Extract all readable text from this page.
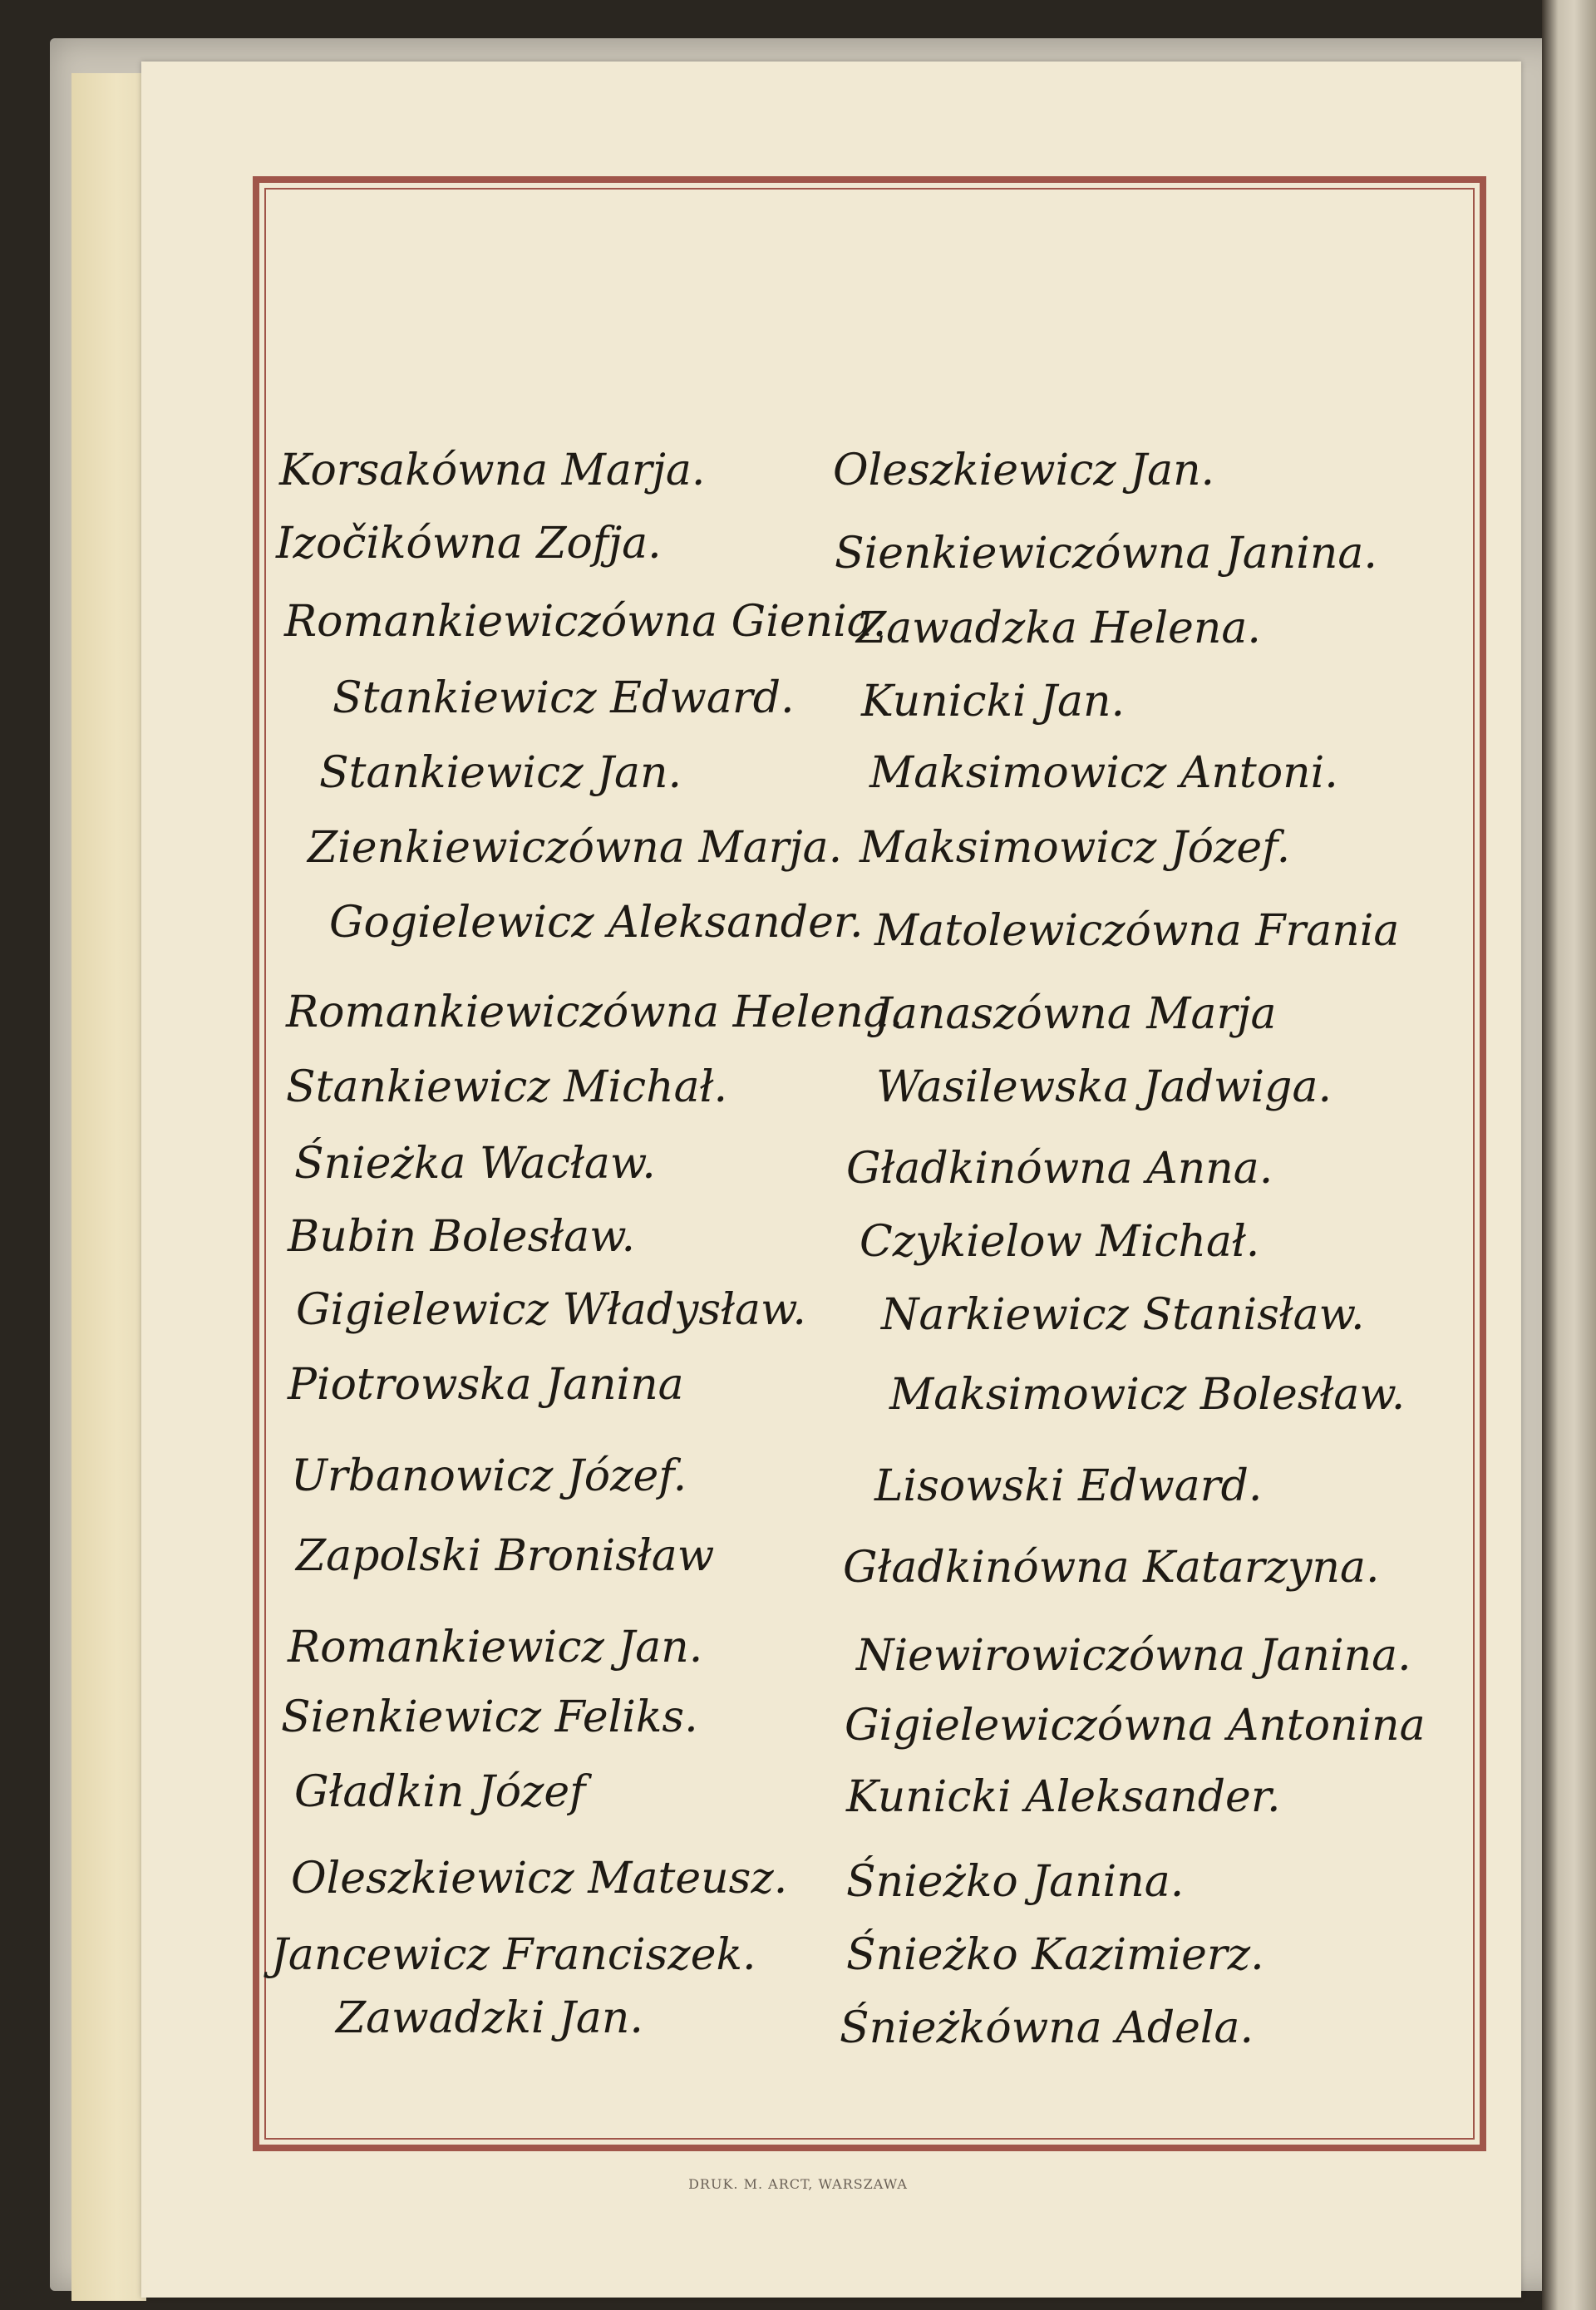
Korsakówna Marja.
Izočikówna Zofja.
Romankiewiczówna Gienia.
Stankiewicz Edward.
Stankiewicz Jan.
Zienkiewiczówna Marja.
Gogielewicz Aleksander.
Romankiewiczówna Helena.
Stankiewicz Michał.
Śnieżka Wacław.
Bubin Bolesław.
Gigielewicz Władysław.
Piotrowska Janina
Urbanowicz Józef.
Zapolski Bronisław
Romankiewicz Jan.
Sienkiewicz Feliks.
Gładkin Józef
Oleszkiewicz Mateusz.
Jancewicz Franciszek.
Zawadzki Jan.
Oleszkiewicz Jan.
Sienkiewiczówna Janina.
Zawadzka Helena.
Kunicki Jan.
Maksimowicz Antoni.
Maksimowicz Józef.
Matolewiczówna Frania
Janaszówna Marja
Wasilewska Jadwiga.
Gładkinówna Anna.
Czykielow Michał.
Narkiewicz Stanisław.
Maksimowicz Bolesław.
Lisowski Edward.
Gładkinówna Katarzyna.
Niewirowiczówna Janina.
Gigielewiczówna Antonina
Kunicki Aleksander.
Śnieżko Janina.
Śnieżko Kazimierz.
Śnieżkówna Adela.
DRUK. M. ARCT, WARSZAWA
